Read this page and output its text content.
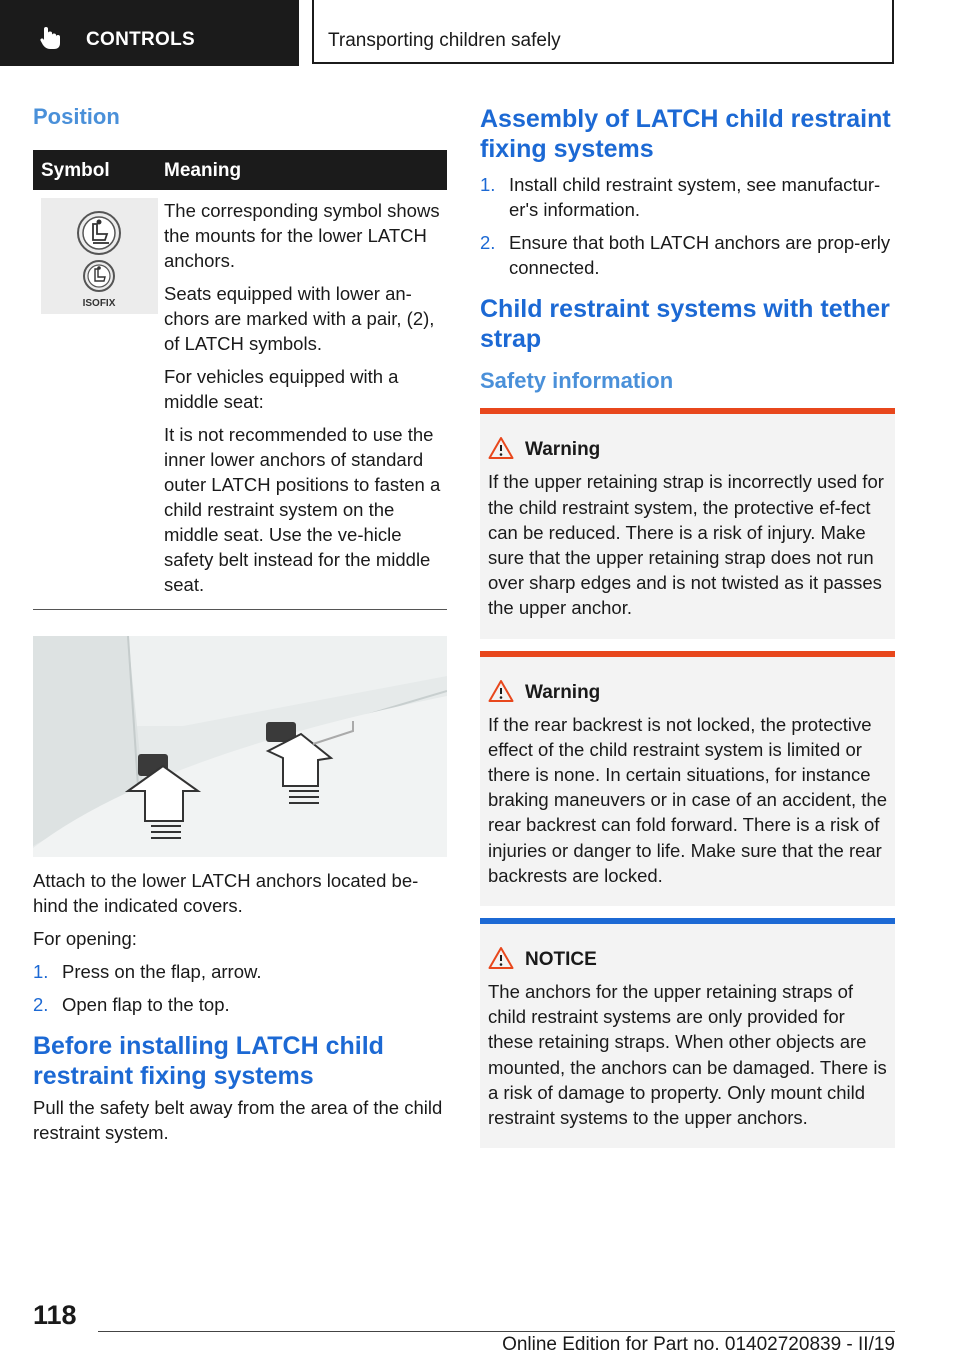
CONTROLS	Transporting children safely
Position
Symbol	Meaning
ISOFIX

The corresponding symbol shows the mounts for the lower LATCH anchors.

Seats equipped with lower an-chors are marked with a pair, (2), of LATCH symbols.

For vehicles equipped with a middle seat:

It is not recommended to use the inner lower anchors of standard outer LATCH positions to fasten a child restraint system on the middle seat. Use the ve-hicle safety belt instead for the middle seat.

Attach to the lower LATCH anchors located be-hind the indicated covers.

For opening:

1. Press on the flap, arrow.
2. Open flap to the top.
Before installing LATCH child restraint fixing systems

Pull the safety belt away from the area of the child restraint system.

Assembly of LATCH child restraint fixing systems
1. Install child restraint system, see manufactur-er's information.
2. Ensure that both LATCH anchors are prop-erly connected.
Child restraint systems with tether strap
Safety information
Warning
If the upper retaining strap is incorrectly used for the child restraint system, the protective ef-fect can be reduced. There is a risk of injury. Make sure that the upper retaining strap does not run over sharp edges and is not twisted as it passes the upper anchor.
Warning
If the rear backrest is not locked, the protective effect of the child restraint system is limited or there is none. In certain situations, for instance braking maneuvers or in case of an accident, the rear backrest can fold forward. There is a risk of injuries or danger to life. Make sure that the rear backrests are locked.
NOTICE
The anchors for the upper retaining straps of child restraint systems are only provided for these retaining straps. When other objects are mounted, the anchors can be damaged. There is a risk of damage to property. Only mount child restraint systems to the upper anchors.
118
Online Edition for Part no. 01402720839 - II/19
